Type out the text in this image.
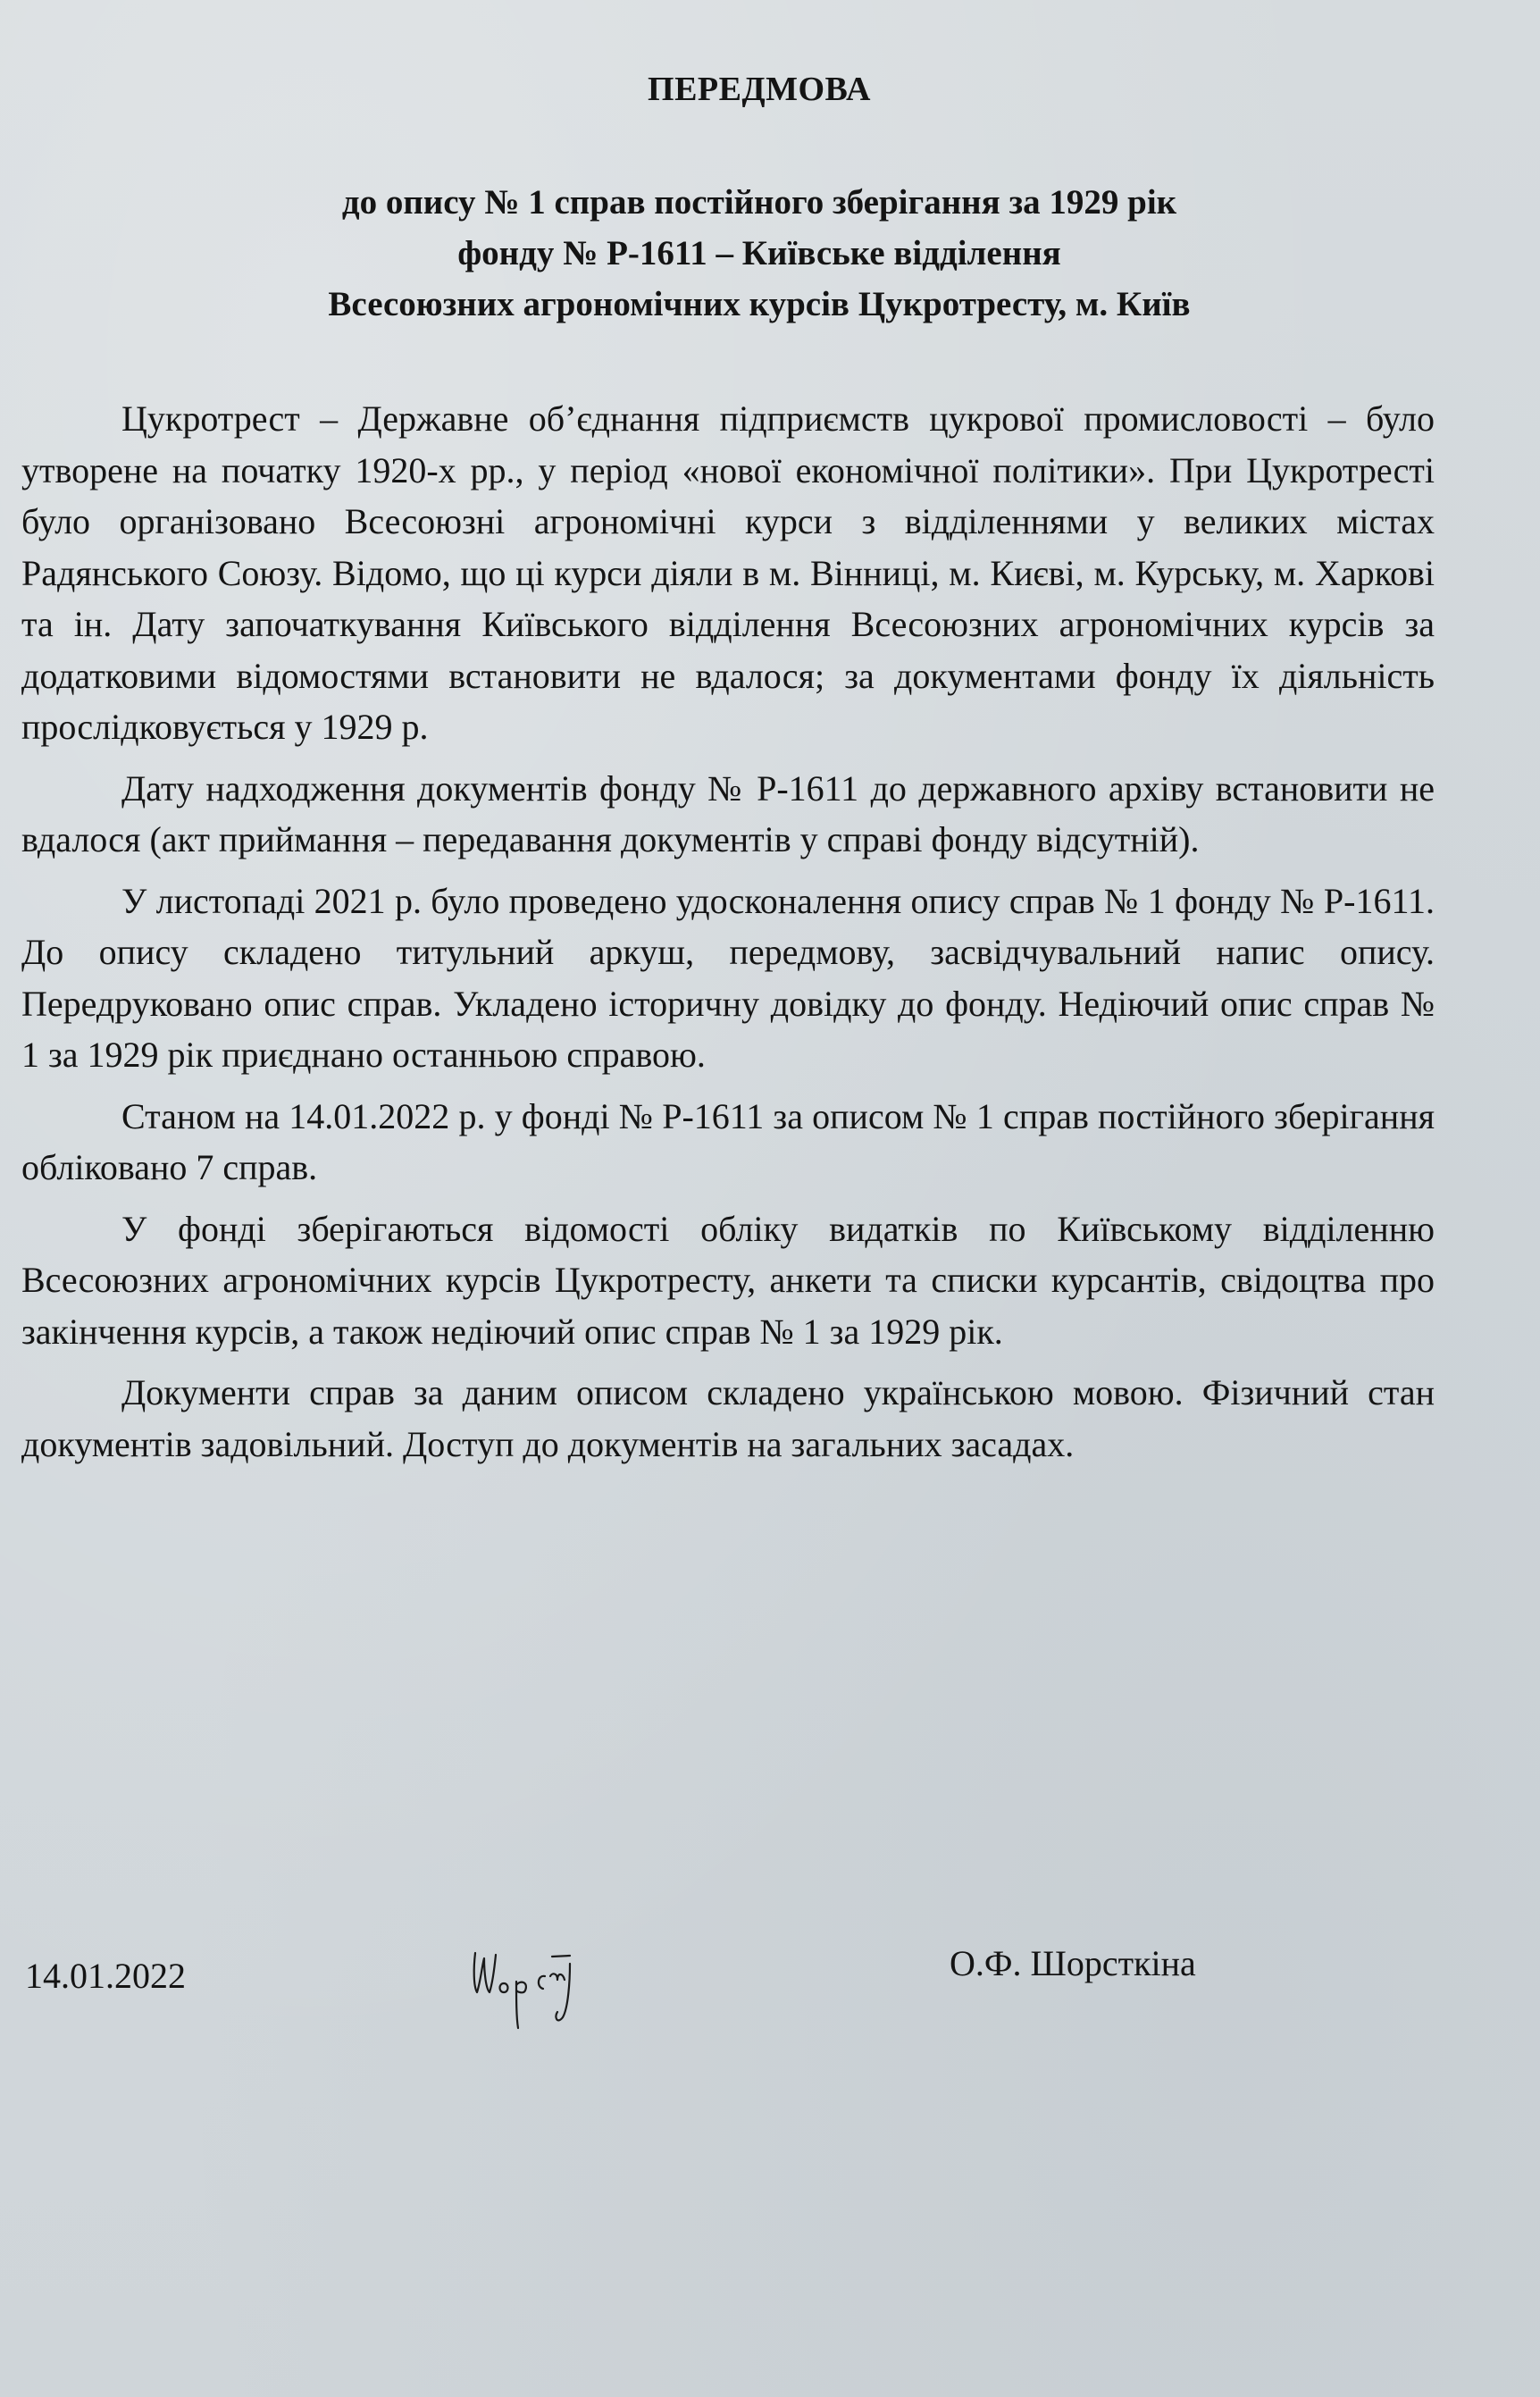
ПЕРЕДМОВА
до опису № 1 справ постійного зберігання за 1929 рік
фонду № Р-1611 – Київське відділення
Всесоюзних агрономічних курсів Цукротресту, м. Київ

Цукротрест – Державне об’єднання підприємств цукрової промисловості – було утворене на початку 1920-х рр., у період «нової економічної політики». При Цукротресті було організовано Всесоюзні агрономічні курси з відділеннями у великих містах Радянського Союзу. Відомо, що ці курси діяли в м. Вінниці, м. Києві, м. Курську, м. Харкові та ін. Дату започаткування Київського відділення Всесоюзних агрономічних курсів за додатковими відомостями встановити не вдалося; за документами фонду їх діяльність прослідковується у 1929 р.

Дату надходження документів фонду № Р-1611 до державного архіву встановити не вдалося (акт приймання – передавання документів у справі фонду відсутній).

У листопаді 2021 р. було проведено удосконалення опису справ № 1 фонду № Р-1611. До опису складено титульний аркуш, передмову, засвідчувальний напис опису. Передруковано опис справ. Укладено історичну довідку до фонду. Недіючий опис справ № 1 за 1929 рік приєднано останньою справою.

Станом на 14.01.2022 р. у фонді № Р-1611 за описом № 1 справ постійного зберігання обліковано 7 справ.

У фонді зберігаються відомості обліку видатків по Київському відділенню Всесоюзних агрономічних курсів Цукротресту, анкети та списки курсантів, свідоцтва про закінчення курсів, а також недіючий опис справ № 1 за 1929 рік.

Документи справ за даним описом складено українською мовою. Фізичний стан документів задовільний. Доступ до документів на загальних засадах.

14.01.2022	О.Ф. Шорсткіна
